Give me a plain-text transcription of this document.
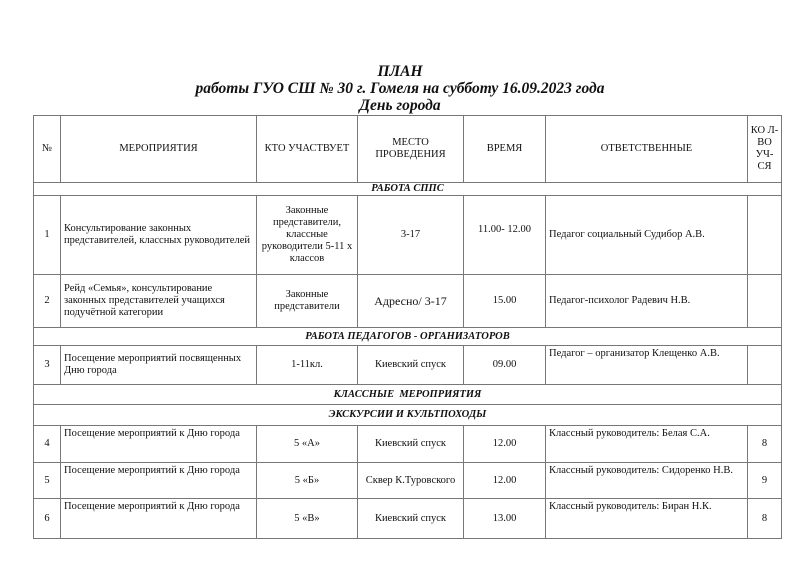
ПЛАН
работы ГУО СШ № 30 г. Гомеля на субботу 16.09.2023 года
День города
№	МЕРОПРИЯТИЯ	КТО УЧАСТВУЕТ	МЕСТО ПРОВЕДЕНИЯ	ВРЕМЯ	ОТВЕТСТВЕННЫЕ	КО Л- ВО УЧ- СЯ
РАБОТА СППС						
1	Консультирование законных представителей, классных руководителей	Законные представители, классные руководители 5-11 х классов	3-17	11.00- 12.00	Педагог социальный Судибор А.В.	
2	Рейд «Семья», консультирование законных представителей учащихся подучётной категории	Законные представители	Адресно/ 3-17	15.00	Педагог-психолог Радевич Н.В.	
РАБОТА ПЕДАГОГОВ - ОРГАНИЗАТОРОВ						
3	Посещение мероприятий посвященных Дню города	1-11кл.	Киевский спуск	09.00	Педагог – организатор Клещенко А.В.	
КЛАССНЫЕ  МЕРОПРИЯТИЯ						
ЭКСКУРСИИ И КУЛЬТПОХОДЫ						
4	Посещение мероприятий к Дню города	5 «А»	Киевский спуск	12.00	Классный руководитель: Белая С.А.	8
5	Посещение мероприятий к Дню города	5 «Б»	Сквер К.Туровского	12.00	Классный руководитель: Сидоренко Н.В.	9
6	Посещение мероприятий к Дню города	5 «В»	Киевский спуск	13.00	Классный руководитель: Биран Н.К.	8
